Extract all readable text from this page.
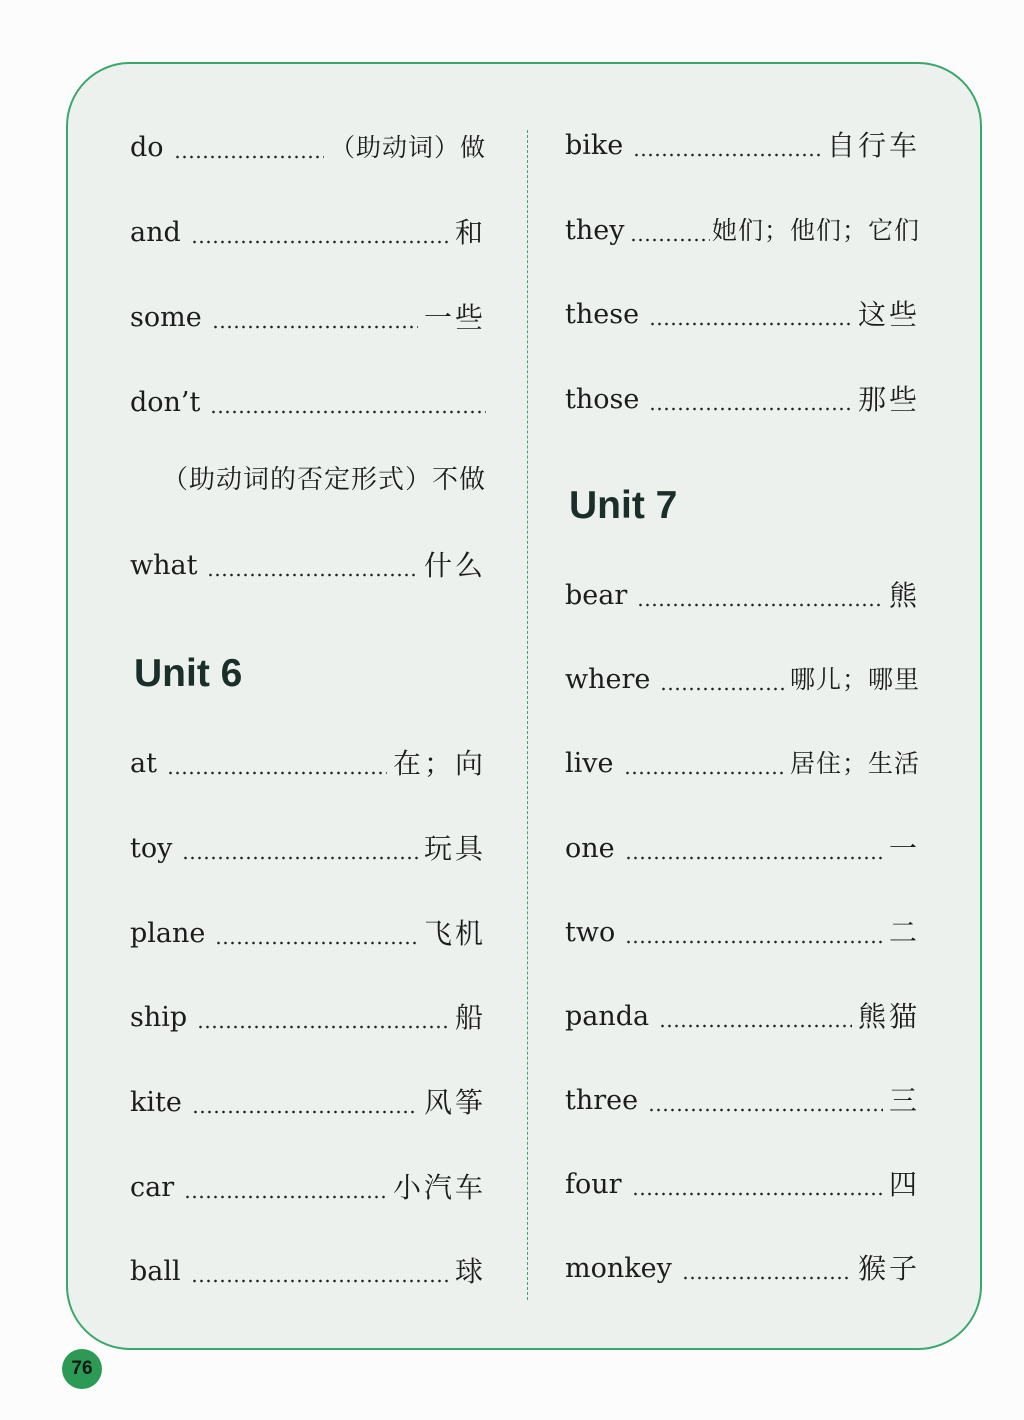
do	（助动词）做
and	和
some	一些
don’t
（助动词的否定形式）不做
what	什么
Unit 6
at	在；向
toy	玩具
plane	飞机
ship	船
kite	风筝
car	小汽车
ball	球
bike	自行车
they	她们；他们；它们
these	这些
those	那些
Unit 7
bear	熊
where	哪儿；哪里
live	居住；生活
one	一
two	二
panda	熊猫
three	三
four	四
monkey	猴子
76
